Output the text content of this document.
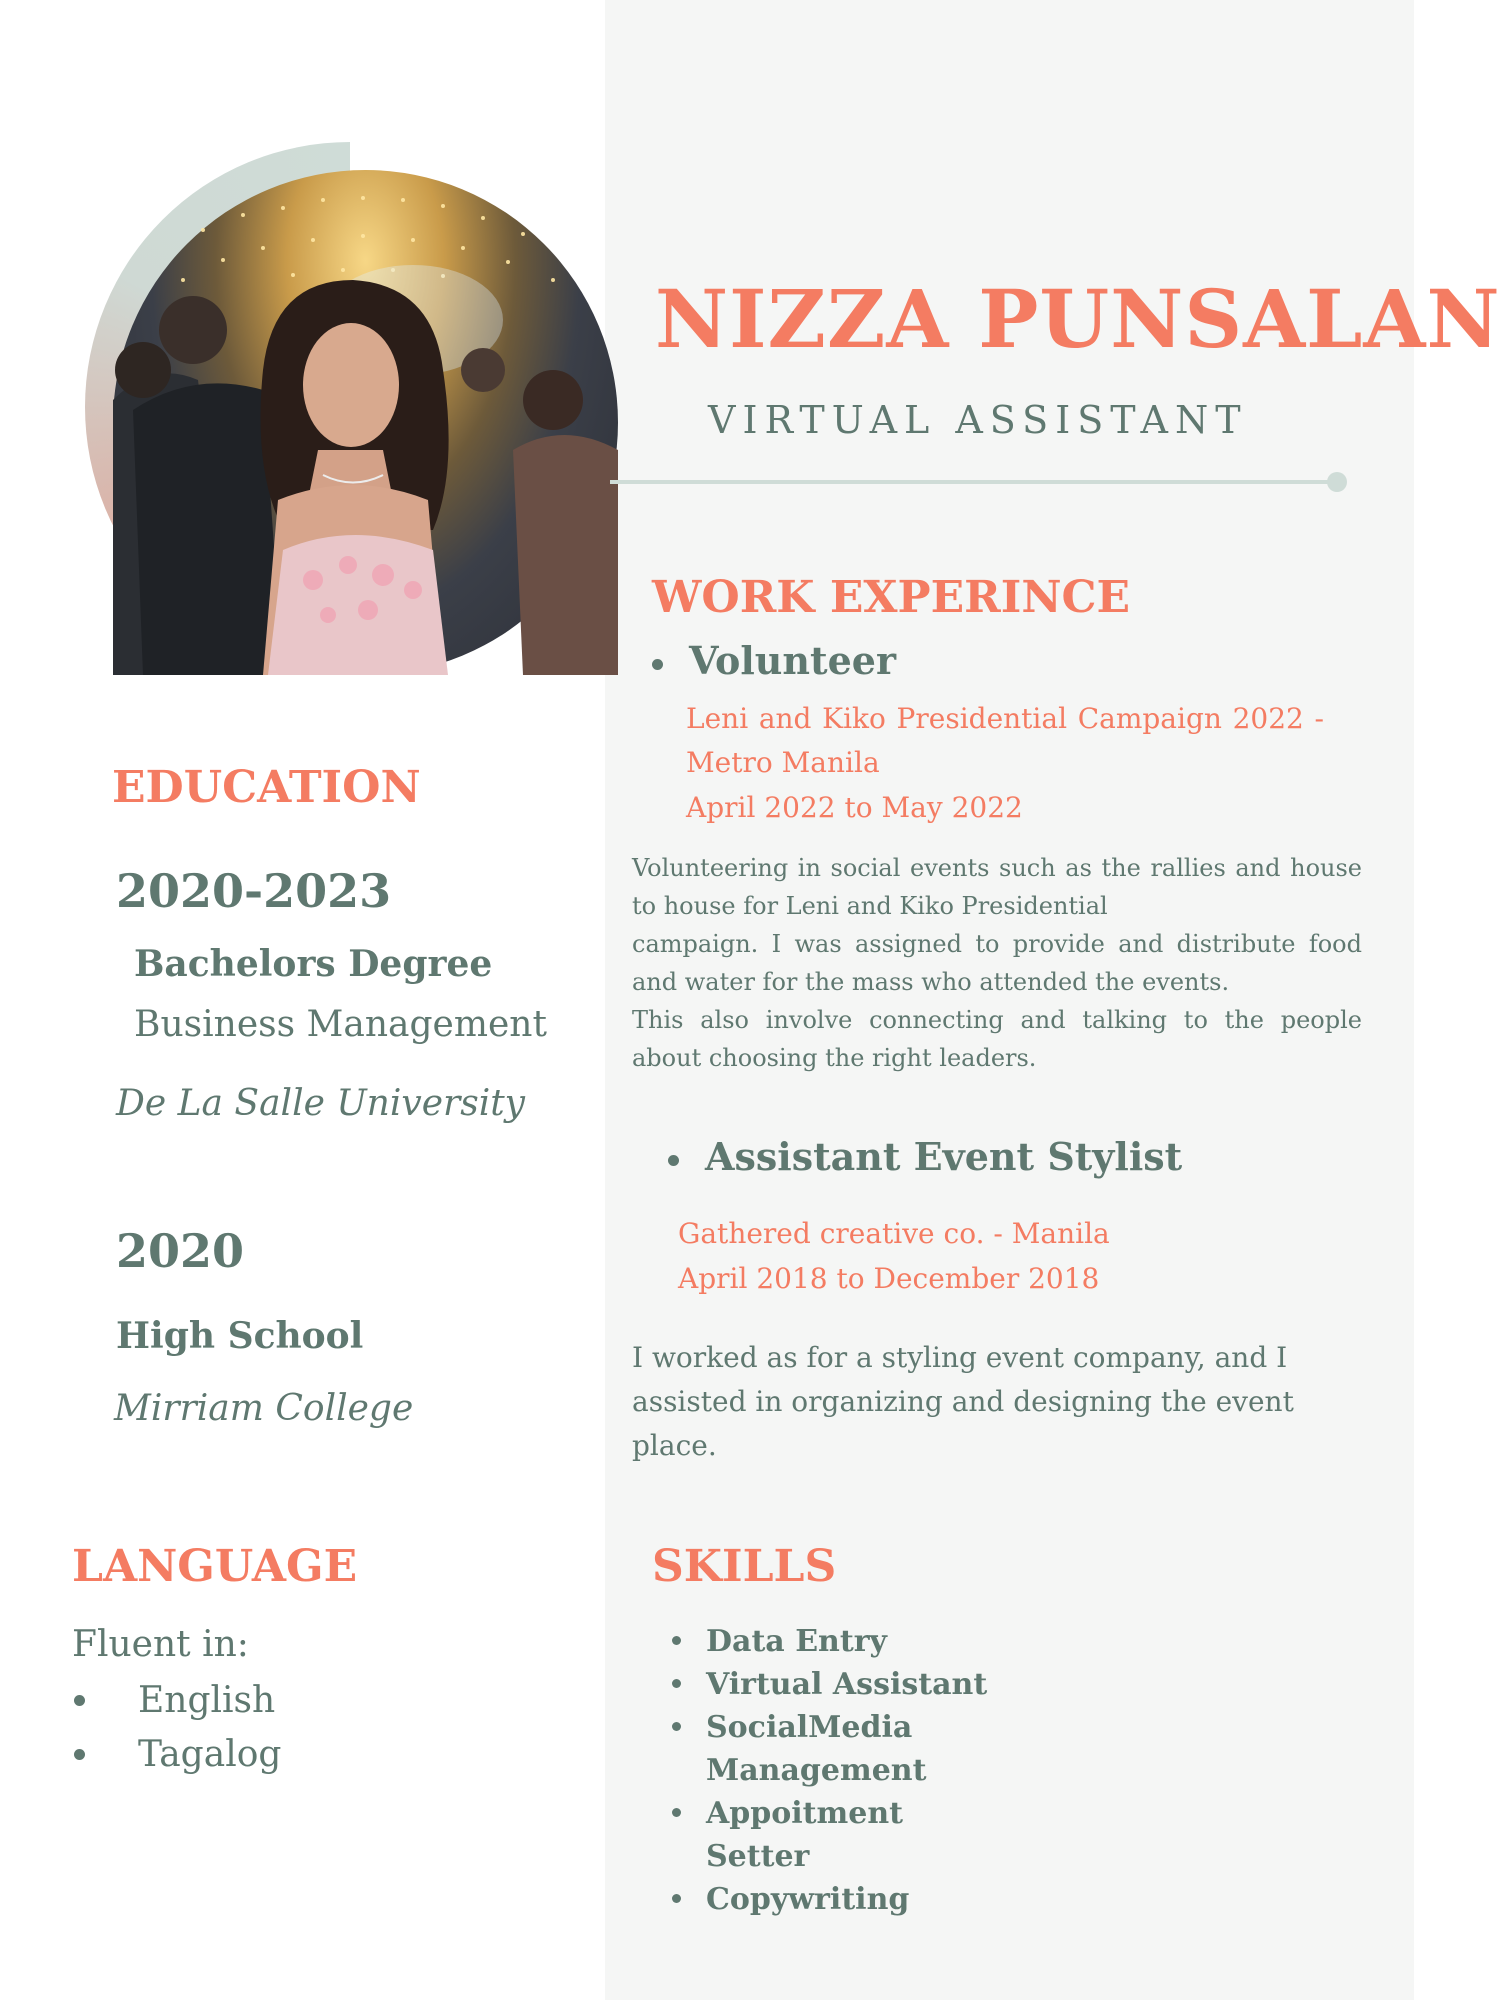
NIZZA PUNSALAN
VIRTUAL ASSISTANT
WORK EXPERINCE
Volunteer
Leni and Kiko Presidential Campaign 2022 - Metro Manila
April 2022 to May 2022
Volunteering in social events such as the rallies and house to house for Leni and Kiko Presidential
campaign. I was assigned to provide and distribute food and water for the mass who attended the events.
This also involve connecting and talking to the people about choosing the right leaders.
Assistant Event Stylist
Gathered creative co. - Manila
April 2018 to December 2018
I worked as for a styling event company, and I assisted in organizing and designing the event place.
EDUCATION
2020-2023
Bachelors Degree
Business Management
De La Salle University
2020
High School
Mirriam College
LANGUAGE
Fluent in:
English
Tagalog
SKILLS
Data Entry
Virtual Assistant
SocialMedia Management
Appoitment Setter
Copywriting
